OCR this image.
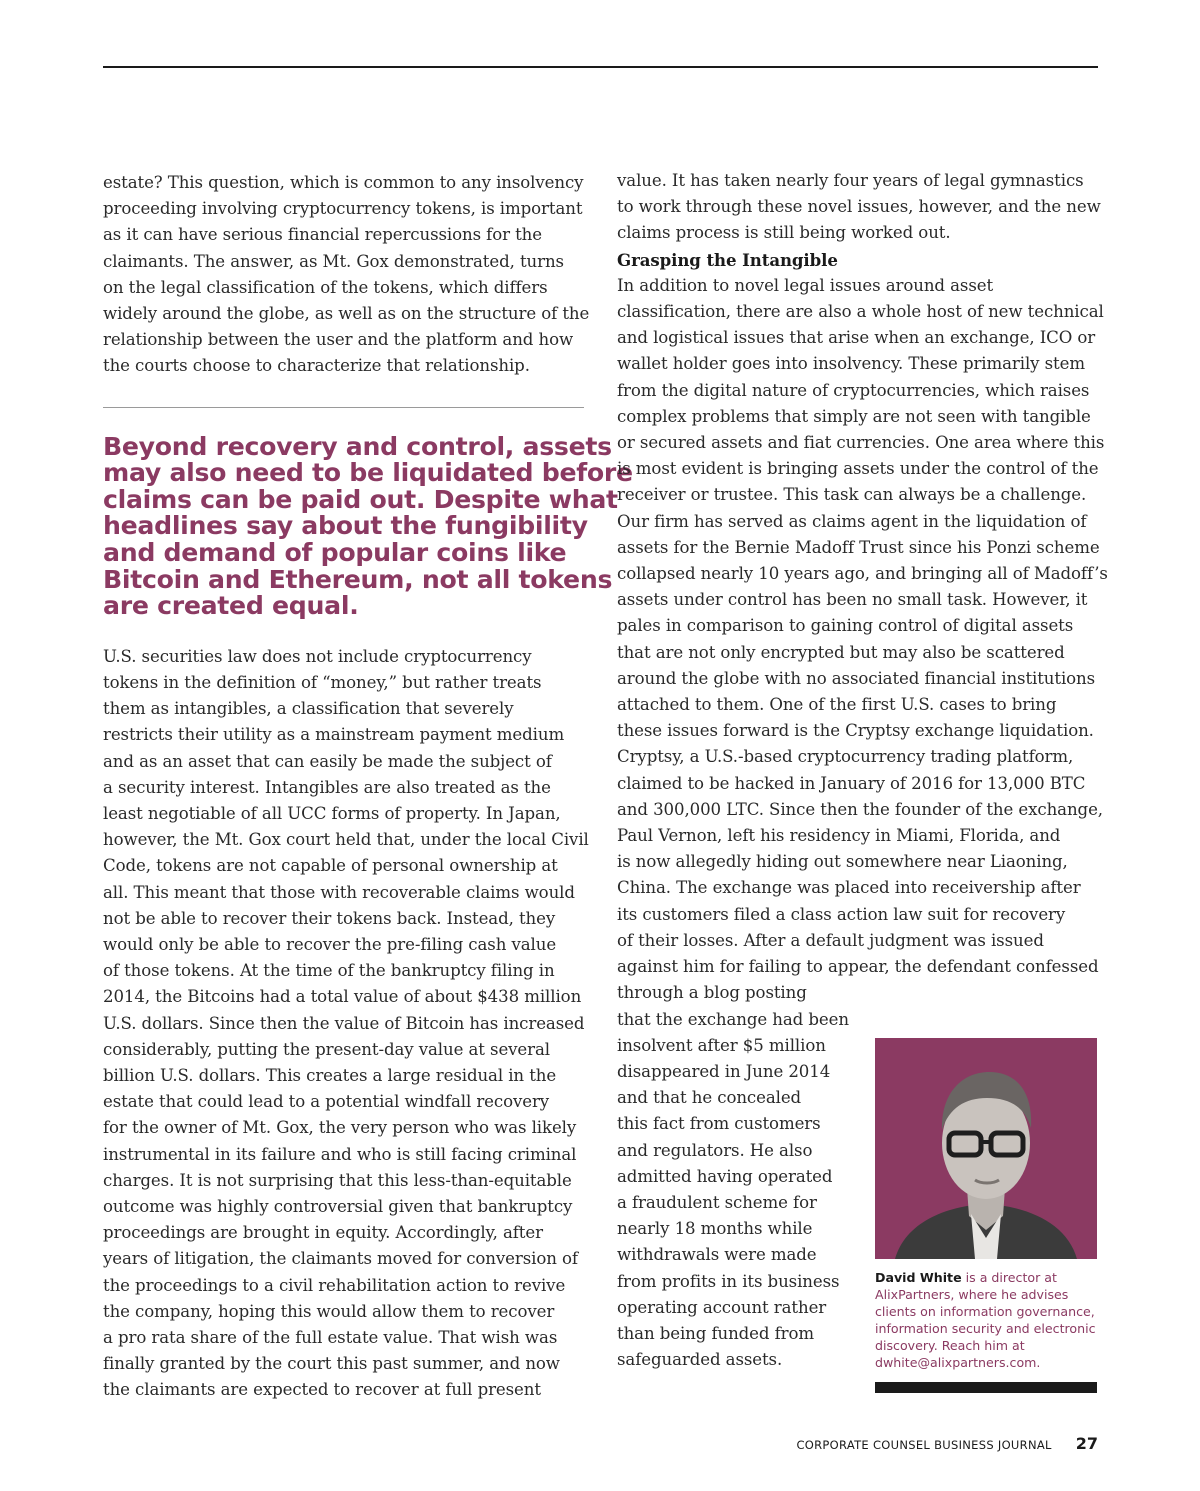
estate? This question, which is common to any insolvency
proceeding involving cryptocurrency tokens, is important
as it can have serious financial repercussions for the
claimants. The answer, as Mt. Gox demonstrated, turns
on the legal classification of the tokens, which differs
widely around the globe, as well as on the structure of the
relationship between the user and the platform and how
the courts choose to characterize that relationship.

Beyond recovery and control, assets
may also need to be liquidated before
claims can be paid out. Despite what
headlines say about the fungibility
and demand of popular coins like
Bitcoin and Ethereum, not all tokens
are created equal.

U.S. securities law does not include cryptocurrency
tokens in the definition of “money,” but rather treats
them as intangibles, a classification that severely
restricts their utility as a mainstream payment medium
and as an asset that can easily be made the subject of
a security interest. Intangibles are also treated as the
least negotiable of all UCC forms of property. In Japan,
however, the Mt. Gox court held that, under the local Civil
Code, tokens are not capable of personal ownership at
all. This meant that those with recoverable claims would
not be able to recover their tokens back. Instead, they
would only be able to recover the pre-filing cash value
of those tokens. At the time of the bankruptcy filing in
2014, the Bitcoins had a total value of about $438 million
U.S. dollars. Since then the value of Bitcoin has increased
considerably, putting the present-day value at several
billion U.S. dollars. This creates a large residual in the
estate that could lead to a potential windfall recovery
for the owner of Mt. Gox, the very person who was likely
instrumental in its failure and who is still facing criminal
charges. It is not surprising that this less-than-equitable
outcome was highly controversial given that bankruptcy
proceedings are brought in equity. Accordingly, after
years of litigation, the claimants moved for conversion of
the proceedings to a civil rehabilitation action to revive
the company, hoping this would allow them to recover
a pro rata share of the full estate value. That wish was
finally granted by the court this past summer, and now
the claimants are expected to recover at full present

value. It has taken nearly four years of legal gymnastics
to work through these novel issues, however, and the new
claims process is still being worked out.

Grasping the Intangible

In addition to novel legal issues around asset
classification, there are also a whole host of new technical
and logistical issues that arise when an exchange, ICO or
wallet holder goes into insolvency. These primarily stem
from the digital nature of cryptocurrencies, which raises
complex problems that simply are not seen with tangible
or secured assets and fiat currencies. One area where this
is most evident is bringing assets under the control of the
receiver or trustee. This task can always be a challenge.
Our firm has served as claims agent in the liquidation of
assets for the Bernie Madoff Trust since his Ponzi scheme
collapsed nearly 10 years ago, and bringing all of Madoff’s
assets under control has been no small task. However, it
pales in comparison to gaining control of digital assets
that are not only encrypted but may also be scattered
around the globe with no associated financial institutions
attached to them. One of the first U.S. cases to bring
these issues forward is the Cryptsy exchange liquidation.
Cryptsy, a U.S.-based cryptocurrency trading platform,
claimed to be hacked in January of 2016 for 13,000 BTC
and 300,000 LTC. Since then the founder of the exchange,
Paul Vernon, left his residency in Miami, Florida, and
is now allegedly hiding out somewhere near Liaoning,
China. The exchange was placed into receivership after
its customers filed a class action law suit for recovery
of their losses. After a default judgment was issued
against him for failing to appear, the defendant confessed
through a blog posting
that the exchange had been
insolvent after $5 million
disappeared in June 2014
and that he concealed
this fact from customers
and regulators. He also
admitted having operated
a fraudulent scheme for
nearly 18 months while
withdrawals were made
from profits in its business
operating account rather
than being funded from
safeguarded assets.

David White is a director at
AlixPartners, where he advises
clients on information governance,
information security and electronic
discovery. Reach him at
dwhite@alixpartners.com.
CORPORATE COUNSEL BUSINESS JOURNAL 27
